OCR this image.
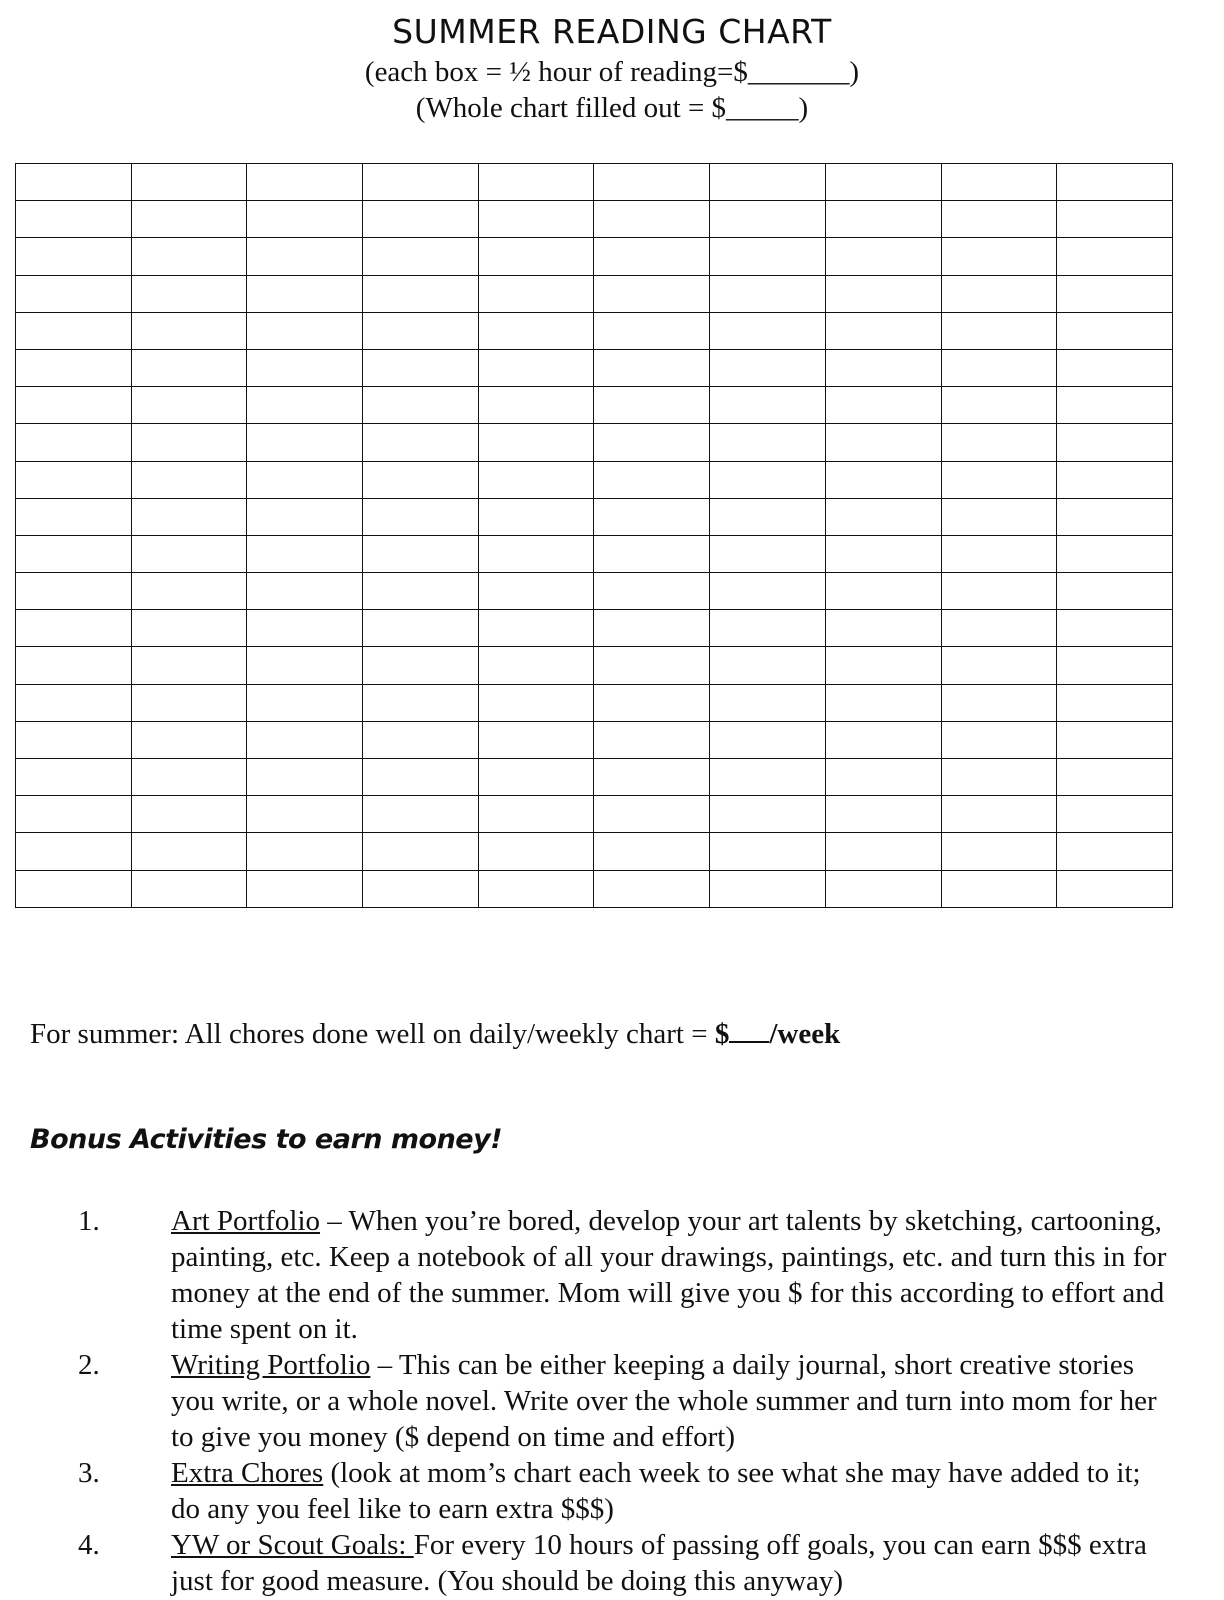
SUMMER READING CHART
(each box = ½ hour of reading=$_______)
(Whole chart filled out = $_____)

For summer: All chores done well on daily/weekly chart = $ /week
Bonus Activities to earn money!
1. Art Portfolio – When you’re bored, develop your art talents by sketching, cartooning, painting, etc. Keep a notebook of all your drawings, paintings, etc. and turn this in for money at the end of the summer. Mom will give you $ for this according to effort and time spent on it.
2. Writing Portfolio – This can be either keeping a daily journal, short creative stories you write, or a whole novel. Write over the whole summer and turn into mom for her to give you money ($ depend on time and effort)
3. Extra Chores (look at mom’s chart each week to see what she may have added to it; do any you feel like to earn extra $$$)
4. YW or Scout Goals: For every 10 hours of passing off goals, you can earn $$$ extra just for good measure. (You should be doing this anyway)
